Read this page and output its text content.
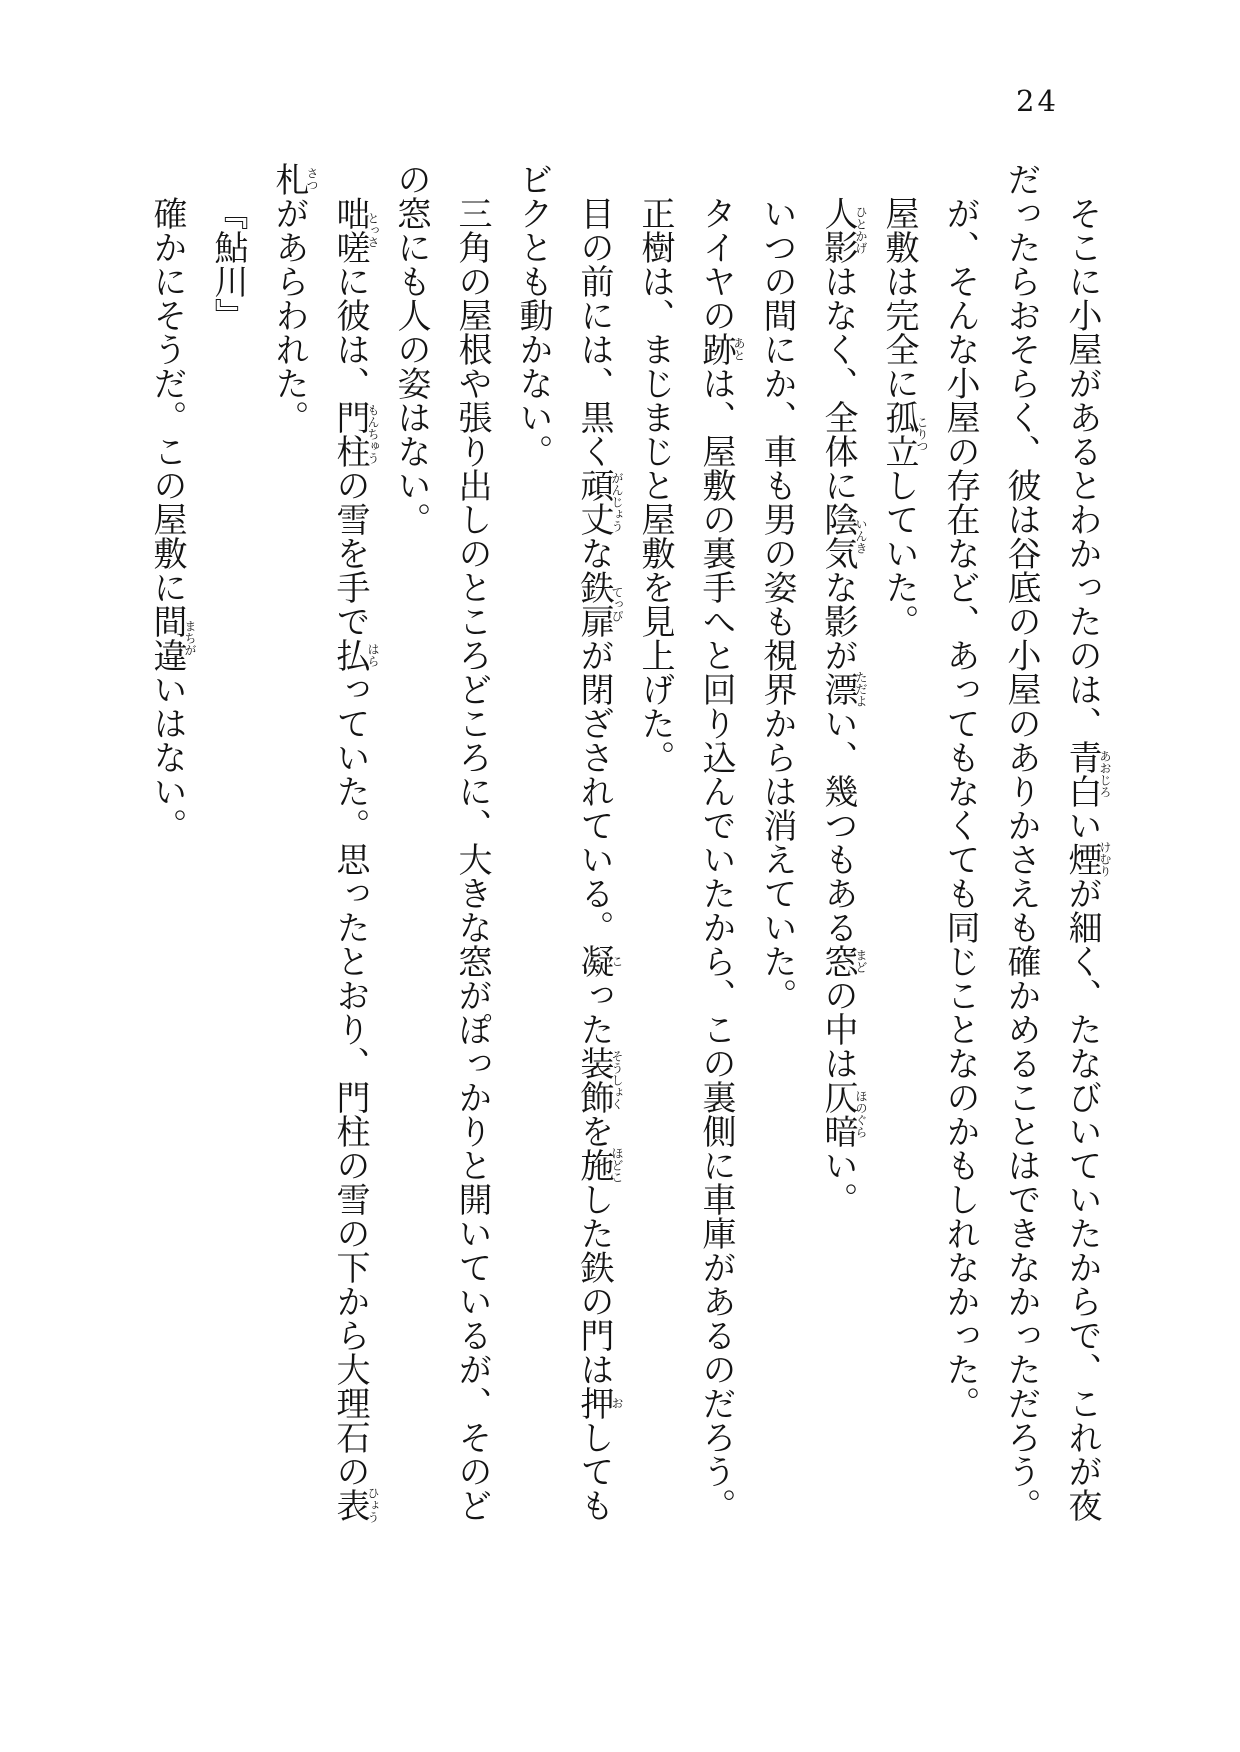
24
そこに小屋があるとわかったのは、青白あおじろい煙けむりが細く、たなびいていたからで、これが夜
だったらおそらく、彼は谷底の小屋のありかさえも確かめることはできなかっただろう。
が、そんな小屋の存在など、あってもなくても同じことなのかもしれなかった。
屋敷は完全に孤立こりつしていた。
人影ひとかげはなく、全体に陰気いんきな影が漂ただよい、幾つもある窓まどの中は仄暗ほのぐらい。
いつの間にか、車も男の姿も視界からは消えていた。
タイヤの跡あとは、屋敷の裏手へと回り込んでいたから、この裏側に車庫があるのだろう。
正樹は、まじまじと屋敷を見上げた。
目の前には、黒く頑丈がんじょうな鉄扉てっぴが閉ざされている。凝こった装飾そうしょくを施ほどこした鉄の門は押おしても
ビクとも動かない。
三角の屋根や張り出しのところどころに、大きな窓がぽっかりと開いているが、そのど
の窓にも人の姿はない。
咄嗟とっさに彼は、門柱もんちゅうの雪を手で払はらっていた。思ったとおり、門柱の雪の下から大理石の表ひょう
札さつがあらわれた。
『鮎川』
確かにそうだ。この屋敷に間違まちがいはない。
